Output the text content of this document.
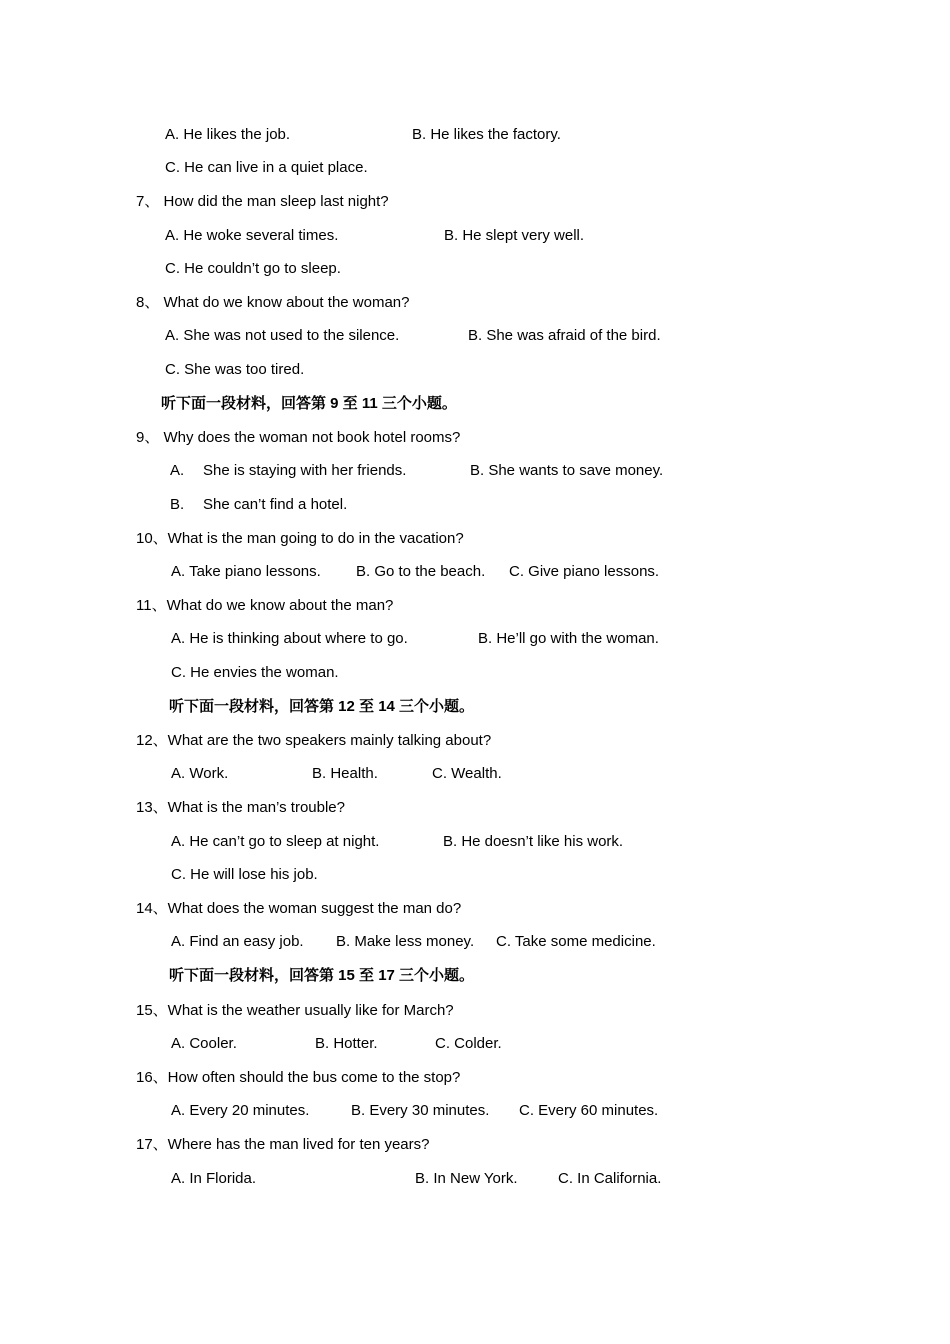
A. He likes the job.	B. He likes the factory.
C. He can live in a quiet place.
7、 How did the man sleep last night?
A. He woke several times.	B. He slept very well.
C. He couldn’t go to sleep.
8、 What do we know about the woman?
A. She was not used to the silence.	B. She was afraid of the bird.
C. She was too tired.
听下面一段材料，回答第 9 至 11 三个小题。
9、 Why does the woman not book hotel rooms?
A. She is staying with her friends.	B. She wants to save money.
B. She can’t find a hotel.
10、What is the man going to do in the vacation?
A. Take piano lessons. B. Go to the beach. C. Give piano lessons.
11、What do we know about the man?
A. He is thinking about where to go.	B. He’ll go with the woman.
C. He envies the woman.
听下面一段材料，回答第 12 至 14 三个小题。
12、What are the two speakers mainly talking about?
A. Work.	B. Health.	C. Wealth.
13、What is the man’s trouble?
A. He can’t go to sleep at night.	B. He doesn’t like his work.
C. He will lose his job.
14、What does the woman suggest the man do?
A. Find an easy job. B. Make less money. C. Take some medicine.
听下面一段材料，回答第 15 至 17 三个小题。
15、What is the weather usually like for March?
A. Cooler.	B. Hotter.	C. Colder.
16、How often should the bus come to the stop?
A. Every 20 minutes.	B. Every 30 minutes. C. Every 60 minutes.
17、Where has the man lived for ten years?
A. In Florida.	B. In New York.	C. In California.
